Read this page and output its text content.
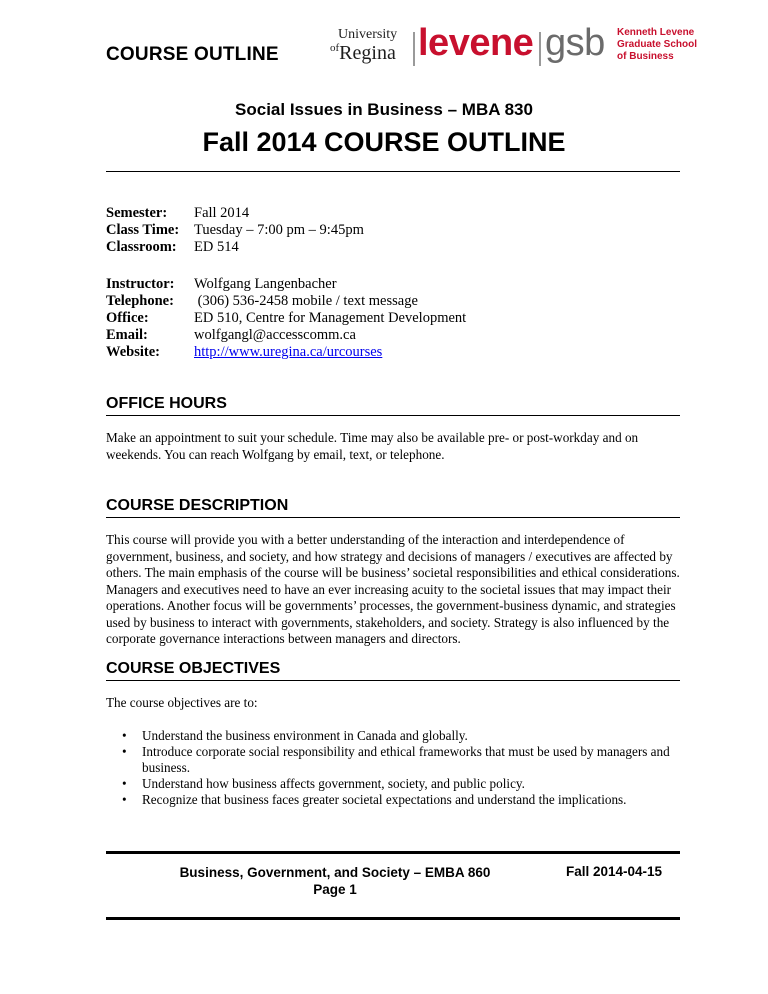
COURSE OUTLINE
University
$^{of}$Regina levene gsb Kenneth Levene
Graduate School
of Business
Social Issues in Business – MBA 830
Fall 2014 COURSE OUTLINE
Semester:	Fall 2014
Class Time:	Tuesday – 7:00 pm – 9:45pm
Classroom:	ED 514
Instructor:	Wolfgang Langenbacher
Telephone:	(306) 536-2458 mobile / text message
Office:	ED 510, Centre for Management Development
Email:	wolfgangl@accesscomm.ca
Website:	http://www.uregina.ca/urcourses
OFFICE HOURS
Make an appointment to suit your schedule. Time may also be available pre- or post-workday and on weekends. You can reach Wolfgang by email, text, or telephone.
COURSE DESCRIPTION
This course will provide you with a better understanding of the interaction and interdependence of government, business, and society, and how strategy and decisions of managers / executives are affected by others. The main emphasis of the course will be business’ societal responsibilities and ethical considerations. Managers and executives need to have an ever increasing acuity to the societal issues that may impact their operations. Another focus will be governments’ processes, the government-business dynamic, and strategies used by business to interact with governments, stakeholders, and society. Strategy is also influenced by the corporate governance interactions between managers and directors.
COURSE OBJECTIVES
The course objectives are to:
• Understand the business environment in Canada and globally.
• Introduce corporate social responsibility and ethical frameworks that must be used by managers and business.
• Understand how business affects government, society, and public policy.
• Recognize that business faces greater societal expectations and understand the implications.
Business, Government, and Society – EMBA 860
Page 1
Fall 2014-04-15
